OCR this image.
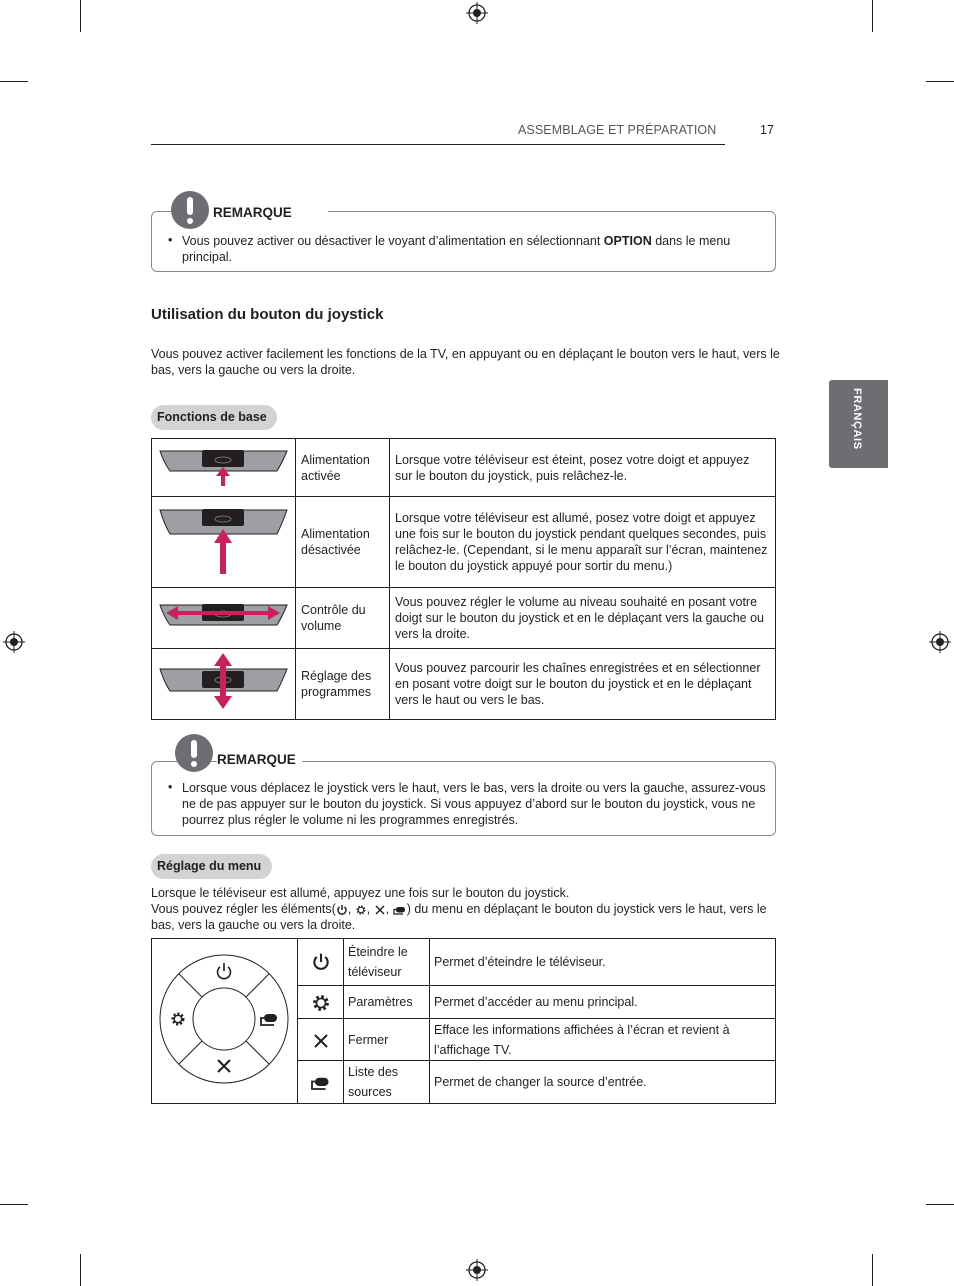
ASSEMBLAGE ET PRÉPARATION	17
FRANÇAIS
REMARQUE
• Vous pouvez activer ou désactiver le voyant d’alimentation en sélectionnant OPTION dans le menu principal.
Utilisation du bouton du joystick
Vous pouvez activer facilement les fonctions de la TV, en appuyant ou en déplaçant le bouton vers le haut, vers le bas, vers la gauche ou vers la droite.
Fonctions de base
	Alimentation activée	Lorsque votre téléviseur est éteint, posez votre doigt et appuyez sur le bouton du joystick, puis relâchez-le.
	Alimentation désactivée	Lorsque votre téléviseur est allumé, posez votre doigt et appuyez une fois sur le bouton du joystick pendant quelques secondes, puis relâchez-le. (Cependant, si le menu apparaît sur l’écran, maintenez le bouton du joystick appuyé pour sortir du menu.)
	Contrôle du volume	Vous pouvez régler le volume au niveau souhaité en posant votre doigt sur le bouton du joystick et en le déplaçant vers la gauche ou vers la droite.
	Réglage des programmes	Vous pouvez parcourir les chaînes enregistrées et en sélectionner en posant votre doigt sur le bouton du joystick et en le déplaçant vers le haut ou vers le bas.
REMARQUE
• Lorsque vous déplacez le joystick vers le haut, vers le bas, vers la droite ou vers la gauche, assurez-vous ne de pas appuyer sur le bouton du joystick. Si vous appuyez d’abord sur le bouton du joystick, vous ne pourrez plus régler le volume ni les programmes enregistrés.
Réglage du menu
Lorsque le téléviseur est allumé, appuyez une fois sur le bouton du joystick.
Vous pouvez régler les éléments( , , , ) du menu en déplaçant le bouton du joystick vers le haut, vers le bas, vers la gauche ou vers la droite.
		Éteindre le téléviseur	Permet d’éteindre le téléviseur.
	Paramètres	Permet d’accéder au menu principal.
	Fermer	Efface les informations affichées à l’écran et revient à l’affichage TV.
	Liste des sources	Permet de changer la source d’entrée.
